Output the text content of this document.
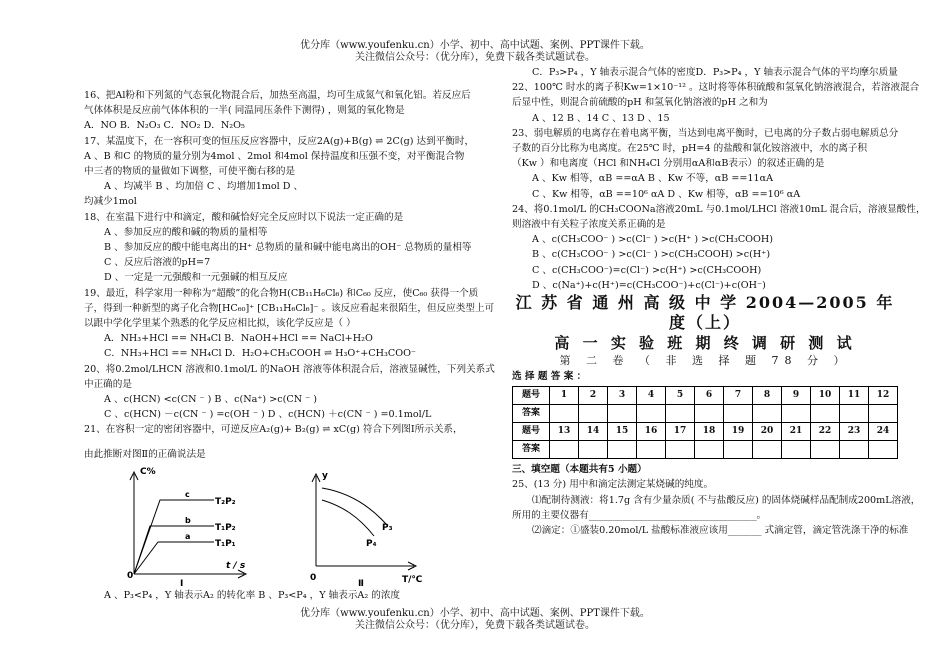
优分库（www.youfenku.cn）小学、初中、高中试题、案例、PPT课件下载。
关注微信公众号：（优分库），免费下载各类试题试卷。
16、把Al粉和下列氮的气态氧化物混合后，加热至高温，均可生成氮气和氧化铝。若反应后
气体体积是反应前气体体积的一半( 同温同压条件下测得) ，则氮的氧化物是
A．NO B．N₂O₃ C．NO₂ D．N₂O₅
17、某温度下，在一容积可变的恒压反应容器中，反应2A(g)+B(g) ⇌ 2C(g) 达到平衡时，
A 、B 和C 的物质的量分别为4mol 、2mol 和4mol 保持温度和压强不变，对平衡混合物
中三者的物质的量做如下调整，可使平衡右移的是
A 、均减半 B 、均加倍 C 、均增加1mol D 、
均减少1mol
18、在室温下进行中和滴定，酸和碱恰好完全反应时以下说法一定正确的是
A 、参加反应的酸和碱的物质的量相等
B 、参加反应的酸中能电离出的H⁺ 总物质的量和碱中能电离出的OH⁻ 总物质的量相等
C 、反应后溶液的pH=7
D 、一定是一元强酸和一元强碱的相互反应
19、最近，科学家用一种称为“超酸”的化合物H(CB₁₁H₆Cl₆) 和C₆₀ 反应，使C₆₀ 获得一个质
子，得到一种新型的离子化合物[HC₆₀]⁺ [CB₁₁H₆Cl₆]⁻ 。该反应看起来很陌生，但反应类型上可
以跟中学化学里某个熟悉的化学反应相比拟，该化学反应是（ ）
A．NH₃+HCl == NH₄Cl B．NaOH+HCl == NaCl+H₂O
C．NH₃+HCl == NH₄Cl D．H₂O+CH₃COOH ⇌ H₃O⁺+CH₃COO⁻
20、将0.2mol/LHCN 溶液和0.1mol/L 的NaOH 溶液等体积混合后，溶液显碱性，下列关系式
中正确的是
A 、c(HCN) <c(CN ⁻ ) B 、c(Na⁺) >c(CN ⁻ )
C 、c(HCN) －c(CN ⁻ ) =c(OH ⁻ ) D 、c(HCN) ＋c(CN ⁻ ) =0.1mol/L
21、在容积一定的密闭容器中，可逆反应A₂(g)+ B₂(g) ⇌ xC(g) 符合下列图Ⅰ所示关系，
由此推断对图Ⅱ的正确说法是
C%
t / s
0
I
c
b
a
T₂P₂
T₁P₂
T₁P₁
y
T/℃
0
Ⅱ
P₃
P₄
A 、P₃<P₄ ，Y 轴表示A₂ 的转化率 B 、P₃<P₄ ，Y 轴表示A₂ 的浓度
C．P₃>P₄ ，Y 轴表示混合气体的密度D．P₃>P₄ ，Y 轴表示混合气体的平均摩尔质量
22、100℃ 时水的离子积Kw=1×10⁻¹² 。这时将等体积硫酸和氢氧化钠溶液混合，若溶液混合
后显中性，则混合前硫酸的pH 和氢氧化钠溶液的pH 之和为
A 、12 B 、14 C 、13 D 、15
23、弱电解质的电离存在着电离平衡，当达到电离平衡时，已电离的分子数占弱电解质总分
子数的百分比称为电离度。在25℃ 时，pH=4 的盐酸和氯化铵溶液中，水的离子积
（Kw ）和电离度（HCl 和NH₄Cl 分别用αA和αB表示）的叙述正确的是
A 、Kw 相等，αB ==αA B 、Kw 不等，αB ==11αA
C 、Kw 相等，αB ==10⁶ αA D 、Kw 相等，αB ==10⁶ αA
24、将0.1mol/L 的CH₃COONa溶液20mL 与0.1mol/LHCl 溶液10mL 混合后，溶液显酸性，
则溶液中有关粒子浓度关系正确的是
A 、c(CH₃COO⁻ ) >c(Cl⁻ ) >c(H⁺ ) >c(CH₃COOH)
B 、c(CH₃COO⁻ ) >c(Cl⁻ ) >c(CH₃COOH) >c(H⁺)
C 、c(CH₃COO⁻)=c(Cl⁻) >c(H⁺) >c(CH₃COOH)
D 、c(Na⁺)+c(H⁺)=c(CH₃COO⁻)+c(Cl⁻)+c(OH⁻)
江 苏 省 通 州 高 级 中 学 2004—2005 年 度（上）
高 一 实 验 班 期 终 调 研 测 试
第 二 卷 （ 非 选 择 题 78 分 ）
选 择 题 答 案 ：
题号	1	2	3	4	5	6	7	8	9	10	11	12
答案												
题号	13	14	15	16	17	18	19	20	21	22	23	24
答案												
三、填空题（本题共有5 小题）
25、(13 分) 用中和滴定法测定某烧碱的纯度。
⑴配制待测液：将1.7g 含有少量杂质( 不与盐酸反应) 的固体烧碱样品配制成200mL溶液，
所用的主要仪器有___________________________________。
⑵滴定：①盛装0.20mol/L 盐酸标准液应该用_______ 式滴定管，滴定管洗涤干净的标准
优分库（www.youfenku.cn）小学、初中、高中试题、案例、PPT课件下载。
关注微信公众号：（优分库），免费下载各类试题试卷。
